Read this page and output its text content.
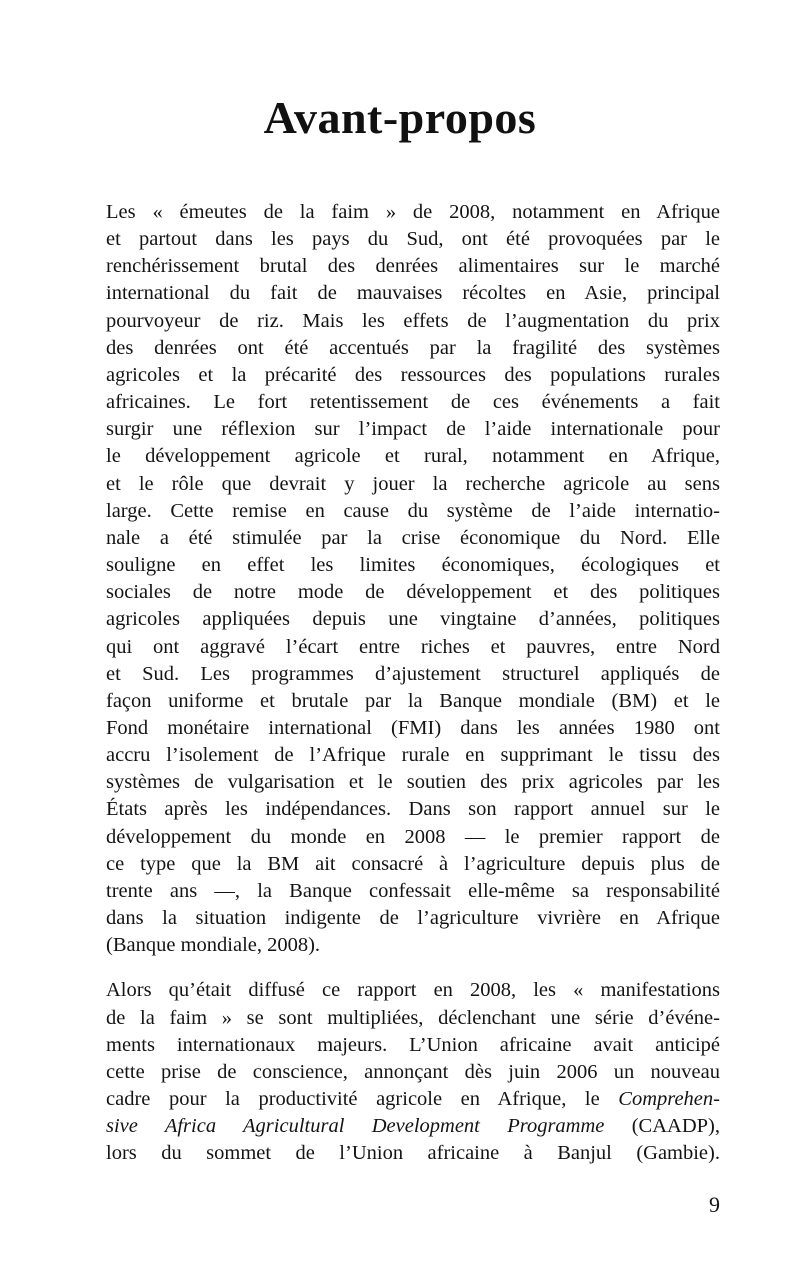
Avant-propos
Les « émeutes de la faim » de 2008, notamment en Afrique
et partout dans les pays du Sud, ont été provoquées par le
renchérissement brutal des denrées alimentaires sur le marché
international du fait de mauvaises récoltes en Asie, principal
pourvoyeur de riz. Mais les effets de l’augmentation du prix
des denrées ont été accentués par la fragilité des systèmes
agricoles et la précarité des ressources des populations rurales
africaines. Le fort retentissement de ces événements a fait
surgir une réflexion sur l’impact de l’aide internationale pour
le développement agricole et rural, notamment en Afrique,
et le rôle que devrait y jouer la recherche agricole au sens
large. Cette remise en cause du système de l’aide internatio-
nale a été stimulée par la crise économique du Nord. Elle
souligne en effet les limites économiques, écologiques et
sociales de notre mode de développement et des politiques
agricoles appliquées depuis une vingtaine d’années, politiques
qui ont aggravé l’écart entre riches et pauvres, entre Nord
et Sud. Les programmes d’ajustement structurel appliqués de
façon uniforme et brutale par la Banque mondiale (BM) et le
Fond monétaire international (FMI) dans les années 1980 ont
accru l’isolement de l’Afrique rurale en supprimant le tissu des
systèmes de vulgarisation et le soutien des prix agricoles par les
États après les indépendances. Dans son rapport annuel sur le
développement du monde en 2008 — le premier rapport de
ce type que la BM ait consacré à l’agriculture depuis plus de
trente ans —, la Banque confessait elle-même sa responsabilité
dans la situation indigente de l’agriculture vivrière en Afrique
(Banque mondiale, 2008).
Alors qu’était diffusé ce rapport en 2008, les « manifestations
de la faim » se sont multipliées, déclenchant une série d’événe-
ments internationaux majeurs. L’Union africaine avait anticipé
cette prise de conscience, annonçant dès juin 2006 un nouveau
cadre pour la productivité agricole en Afrique, le Comprehen-
sive Africa Agricultural Development Programme (CAADP),
lors du sommet de l’Union africaine à Banjul (Gambie).
9
